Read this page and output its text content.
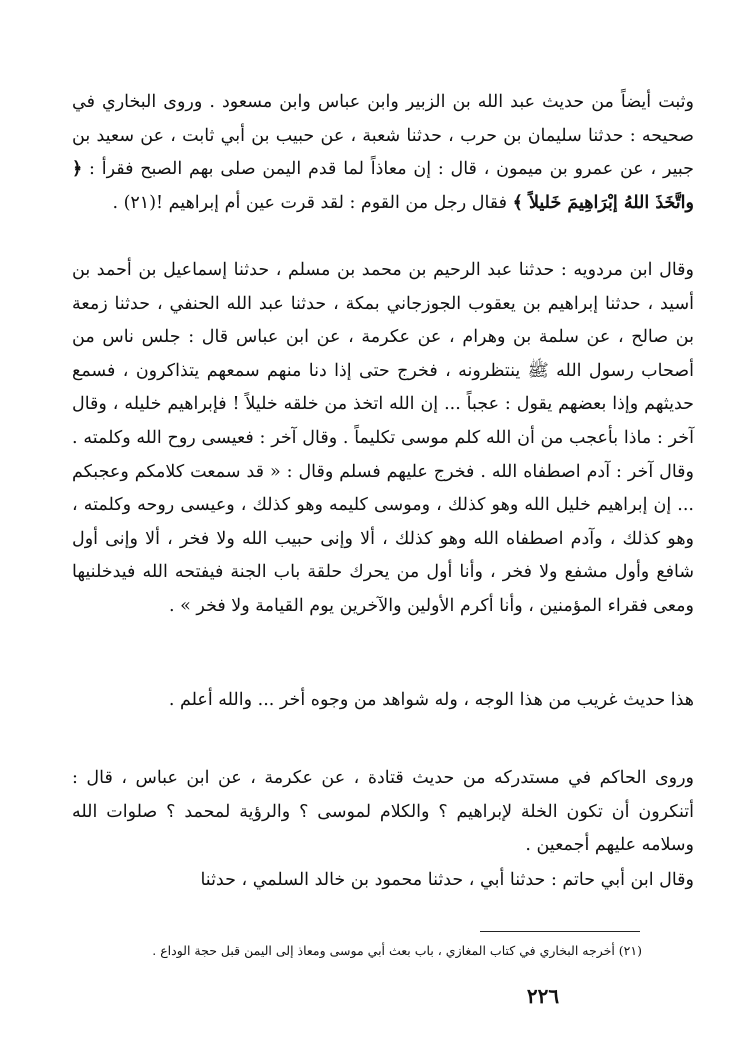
وثبت أيضاً من حديث عبد الله بن الزبير وابن عباس وابن مسعود . وروى البخاري في صحيحه : حدثنا سليمان بن حرب ، حدثنا شعبة ، عن حبيب بن أبي ثابت ، عن سعيد بن جبير ، عن عمرو بن ميمون ، قال : إن معاذاً لما قدم اليمن صلى بهم الصبح فقرأ : ﴿ واتَّخَذَ اللهُ إبْرَاهِيمَ خَليلاً ﴾ فقال رجل من القوم : لقد قرت عين أم إبراهيم !(٢١) .

وقال ابن مردويه : حدثنا عبد الرحيم بن محمد بن مسلم ، حدثنا إسماعيل بن أحمد بن أسيد ، حدثنا إبراهيم بن يعقوب الجوزجاني بمكة ، حدثنا عبد الله الحنفي ، حدثنا زمعة بن صالح ، عن سلمة بن وهرام ، عن عكرمة ، عن ابن عباس قال : جلس ناس من أصحاب رسول الله ﷺ ينتظرونه ، فخرج حتى إذا دنا منهم سمعهم يتذاكرون ، فسمع حديثهم وإذا بعضهم يقول : عجباً ... إن الله اتخذ من خلقه خليلاً ! فإبراهيم خليله ، وقال آخر : ماذا بأعجب من أن الله كلم موسى تكليماً . وقال آخر : فعيسى روح الله وكلمته . وقال آخر : آدم اصطفاه الله . فخرج عليهم فسلم وقال : « قد سمعت كلامكم وعجبكم ... إن إبراهيم خليل الله وهو كذلك ، وموسى كليمه وهو كذلك ، وعيسى روحه وكلمته ، وهو كذلك ، وآدم اصطفاه الله وهو كذلك ، ألا وإنى حبيب الله ولا فخر ، ألا وإنى أول شافع وأول مشفع ولا فخر ، وأنا أول من يحرك حلقة باب الجنة فيفتحه الله فيدخلنيها ومعى فقراء المؤمنين ، وأنا أكرم الأولين والآخرين يوم القيامة ولا فخر » .

هذا حديث غريب من هذا الوجه ، وله شواهد من وجوه أخر ... والله أعلم .

وروى الحاكم في مستدركه من حديث قتادة ، عن عكرمة ، عن ابن عباس ، قال : أتنكرون أن تكون الخلة لإبراهيم ؟ والكلام لموسى ؟ والرؤية لمحمد ؟ صلوات الله وسلامه عليهم أجمعين .

وقال ابن أبي حاتم : حدثنا أبي ، حدثنا محمود بن خالد السلمي ، حدثنا

(٢١) أخرجه البخاري في كتاب المغازي ، باب بعث أبي موسى ومعاذ إلى اليمن قبل حجة الوداع .
٢٢٦
